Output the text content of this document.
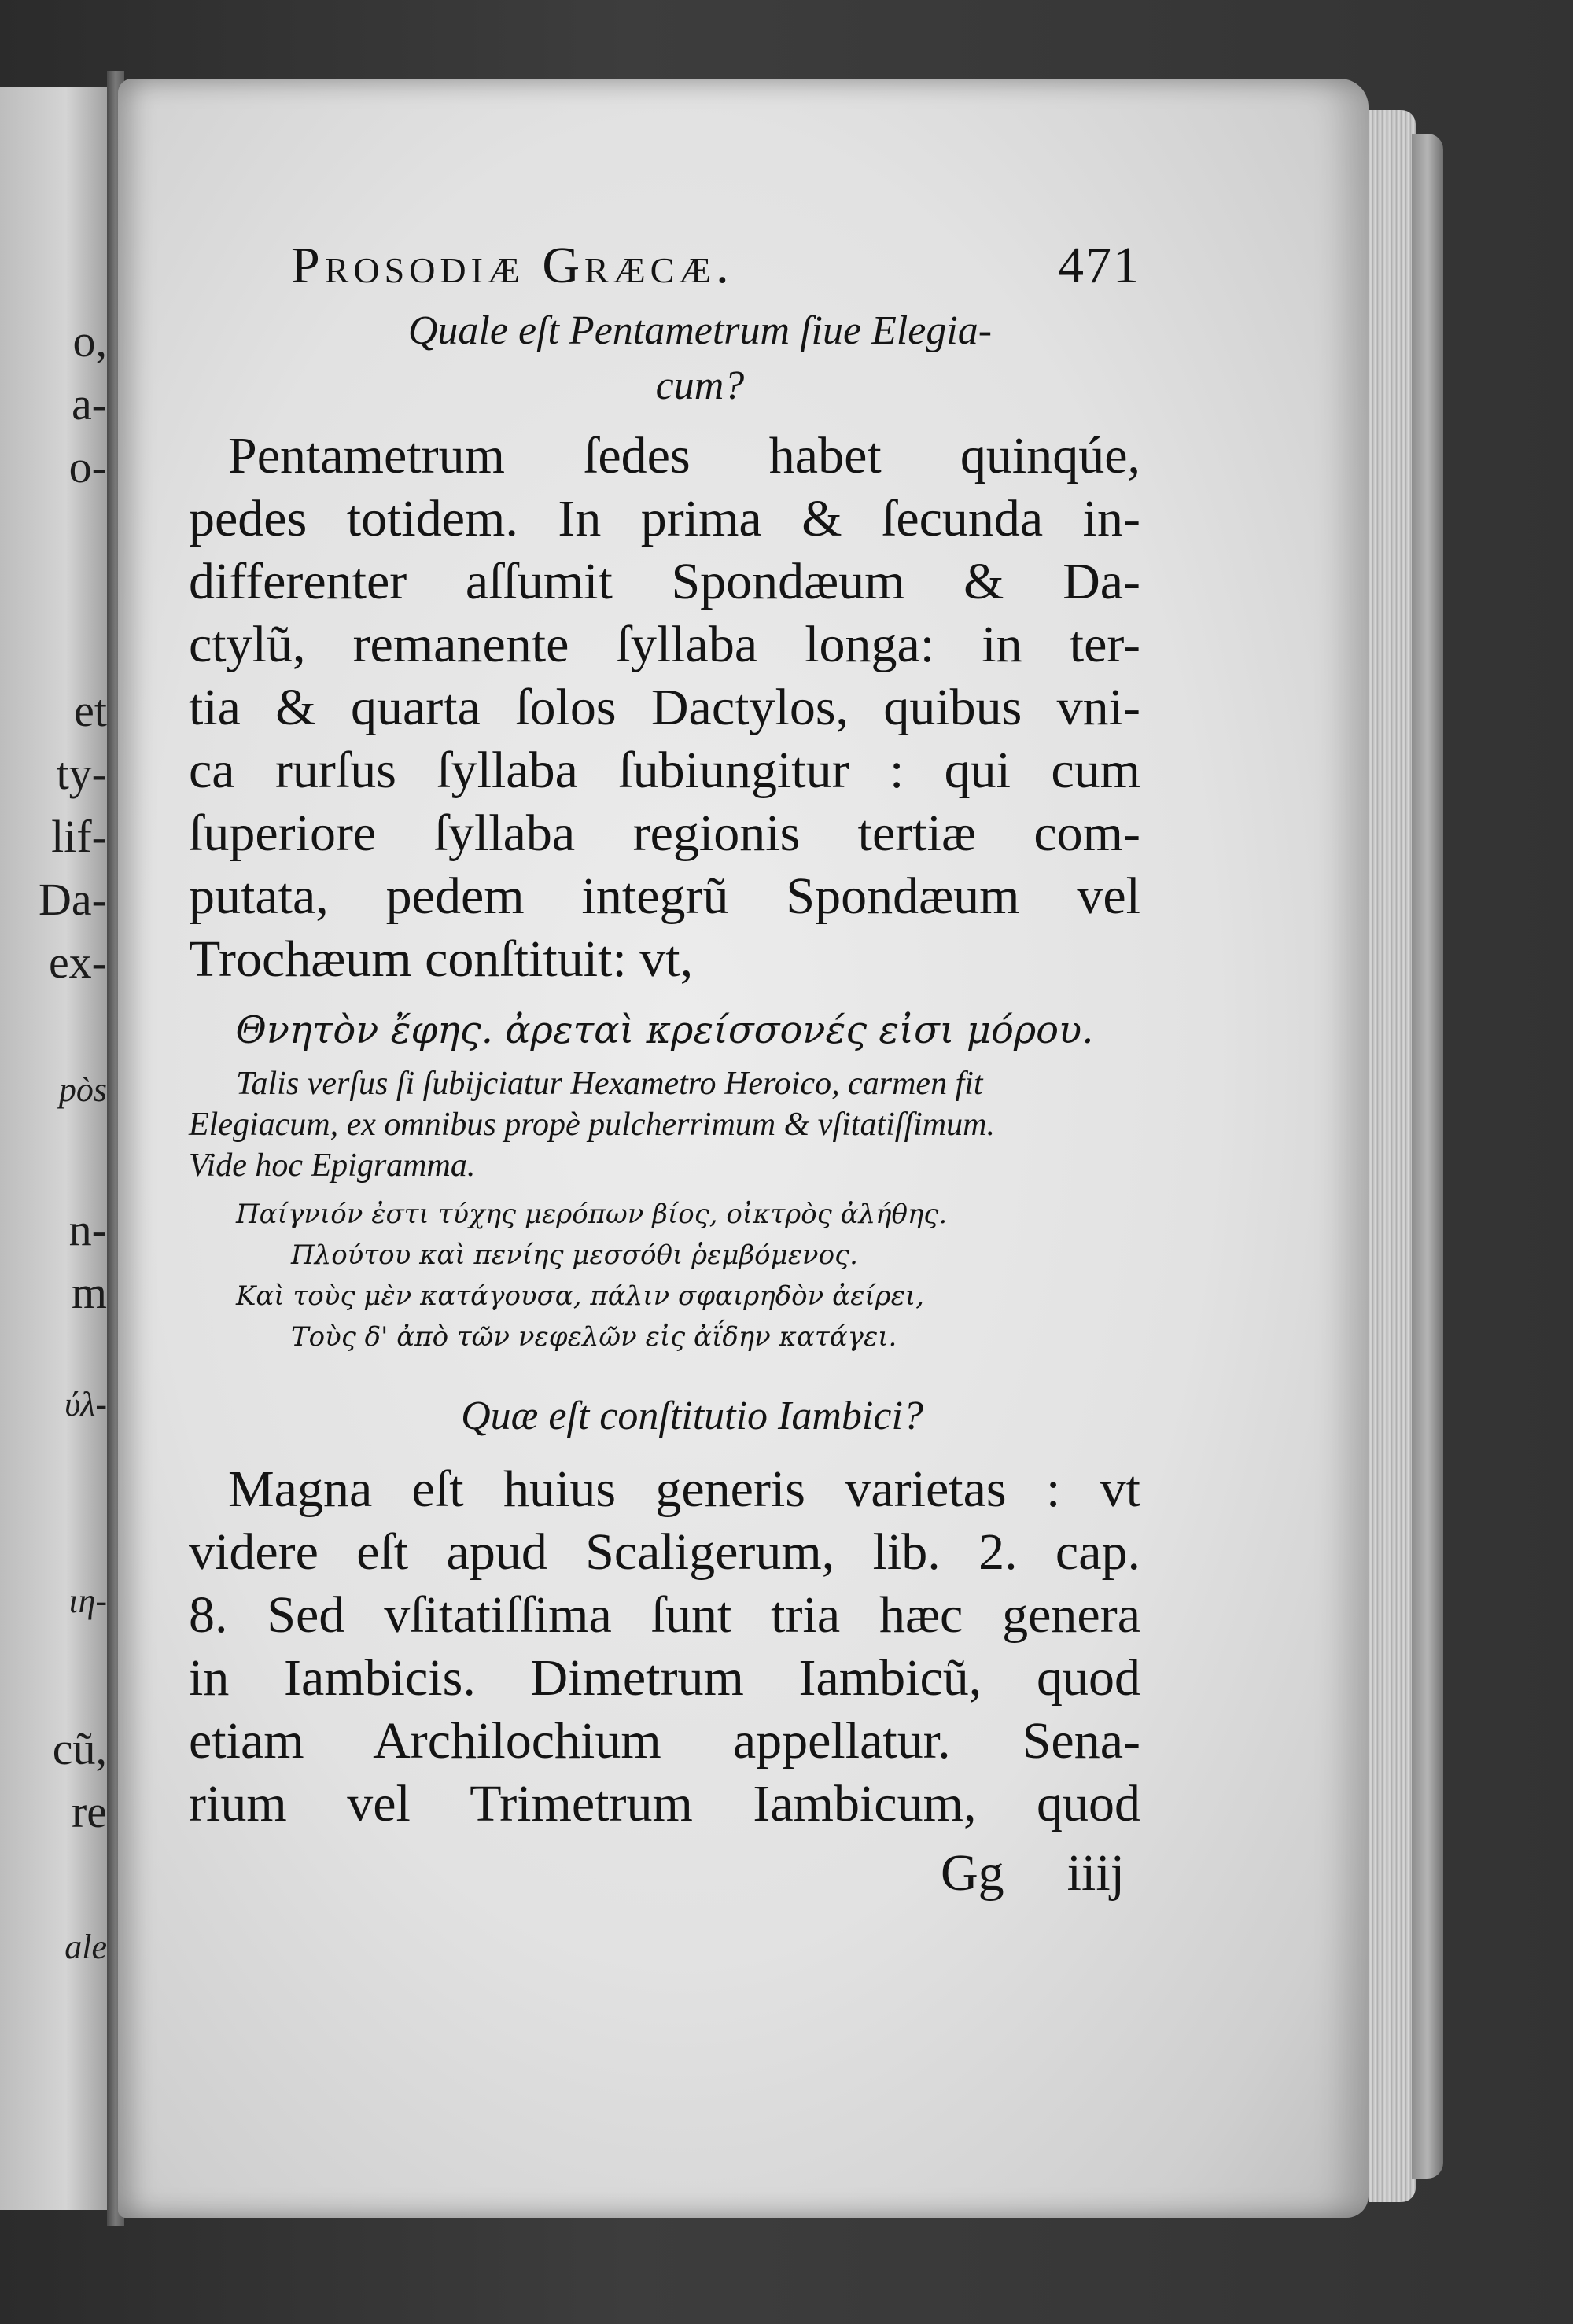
o,
a-
o-
et
ty-
lif-
Da-
ex-
pòs
n-
m
ύλ-
ιη-
cũ,
re
ale
Prosodiæ Græcæ.	471

Quale eſt Pentametrum ſiue Elegia-
cum?

Pentametrum ſedes habet quinqúe,
pedes totidem. In prima & ſecunda in-
differenter aſſumit Spondæum & Da-
ctylũ, remanente ſyllaba longa: in ter-
tia & quarta ſolos Dactylos, quibus vni-
ca rurſus ſyllaba ſubiungitur : qui cum
ſuperiore ſyllaba regionis tertiæ com-
putata, pedem integrũ Spondæum vel
Trochæum conſtituit: vt,
Θνητὸν ἔφης. ἀρεταὶ κρείσσονές εἰσι μόρου.
Talis verſus ſi ſubijciatur Hexametro Heroico, carmen fit
Elegiacum, ex omnibus propè pulcherrimum & vſitatiſſimum.
Vide hoc Epigramma.
Παίγνιόν ἐστι τύχης μερόπων βίος, οἰκτρὸς ἀλήθης.
Πλούτου καὶ πενίης μεσσόθι ῥεμβόμενος.
Καὶ τοὺς μὲν κατάγουσα, πάλιν σφαιρηδὸν ἀείρει,
Τοὺς δ' ἀπὸ τῶν νεφελῶν εἰς ἀΐδην κατάγει.

Quæ eſt conſtitutio Iambici?

Magna eſt huius generis varietas : vt
videre eſt apud Scaligerum, lib. 2. cap.
8. Sed vſitatiſſima ſunt tria hæc genera
in Iambicis. Dimetrum Iambicũ, quod
etiam Archilochium appellatur. Sena-
rium vel Trimetrum Iambicum, quod
Gg iiij
